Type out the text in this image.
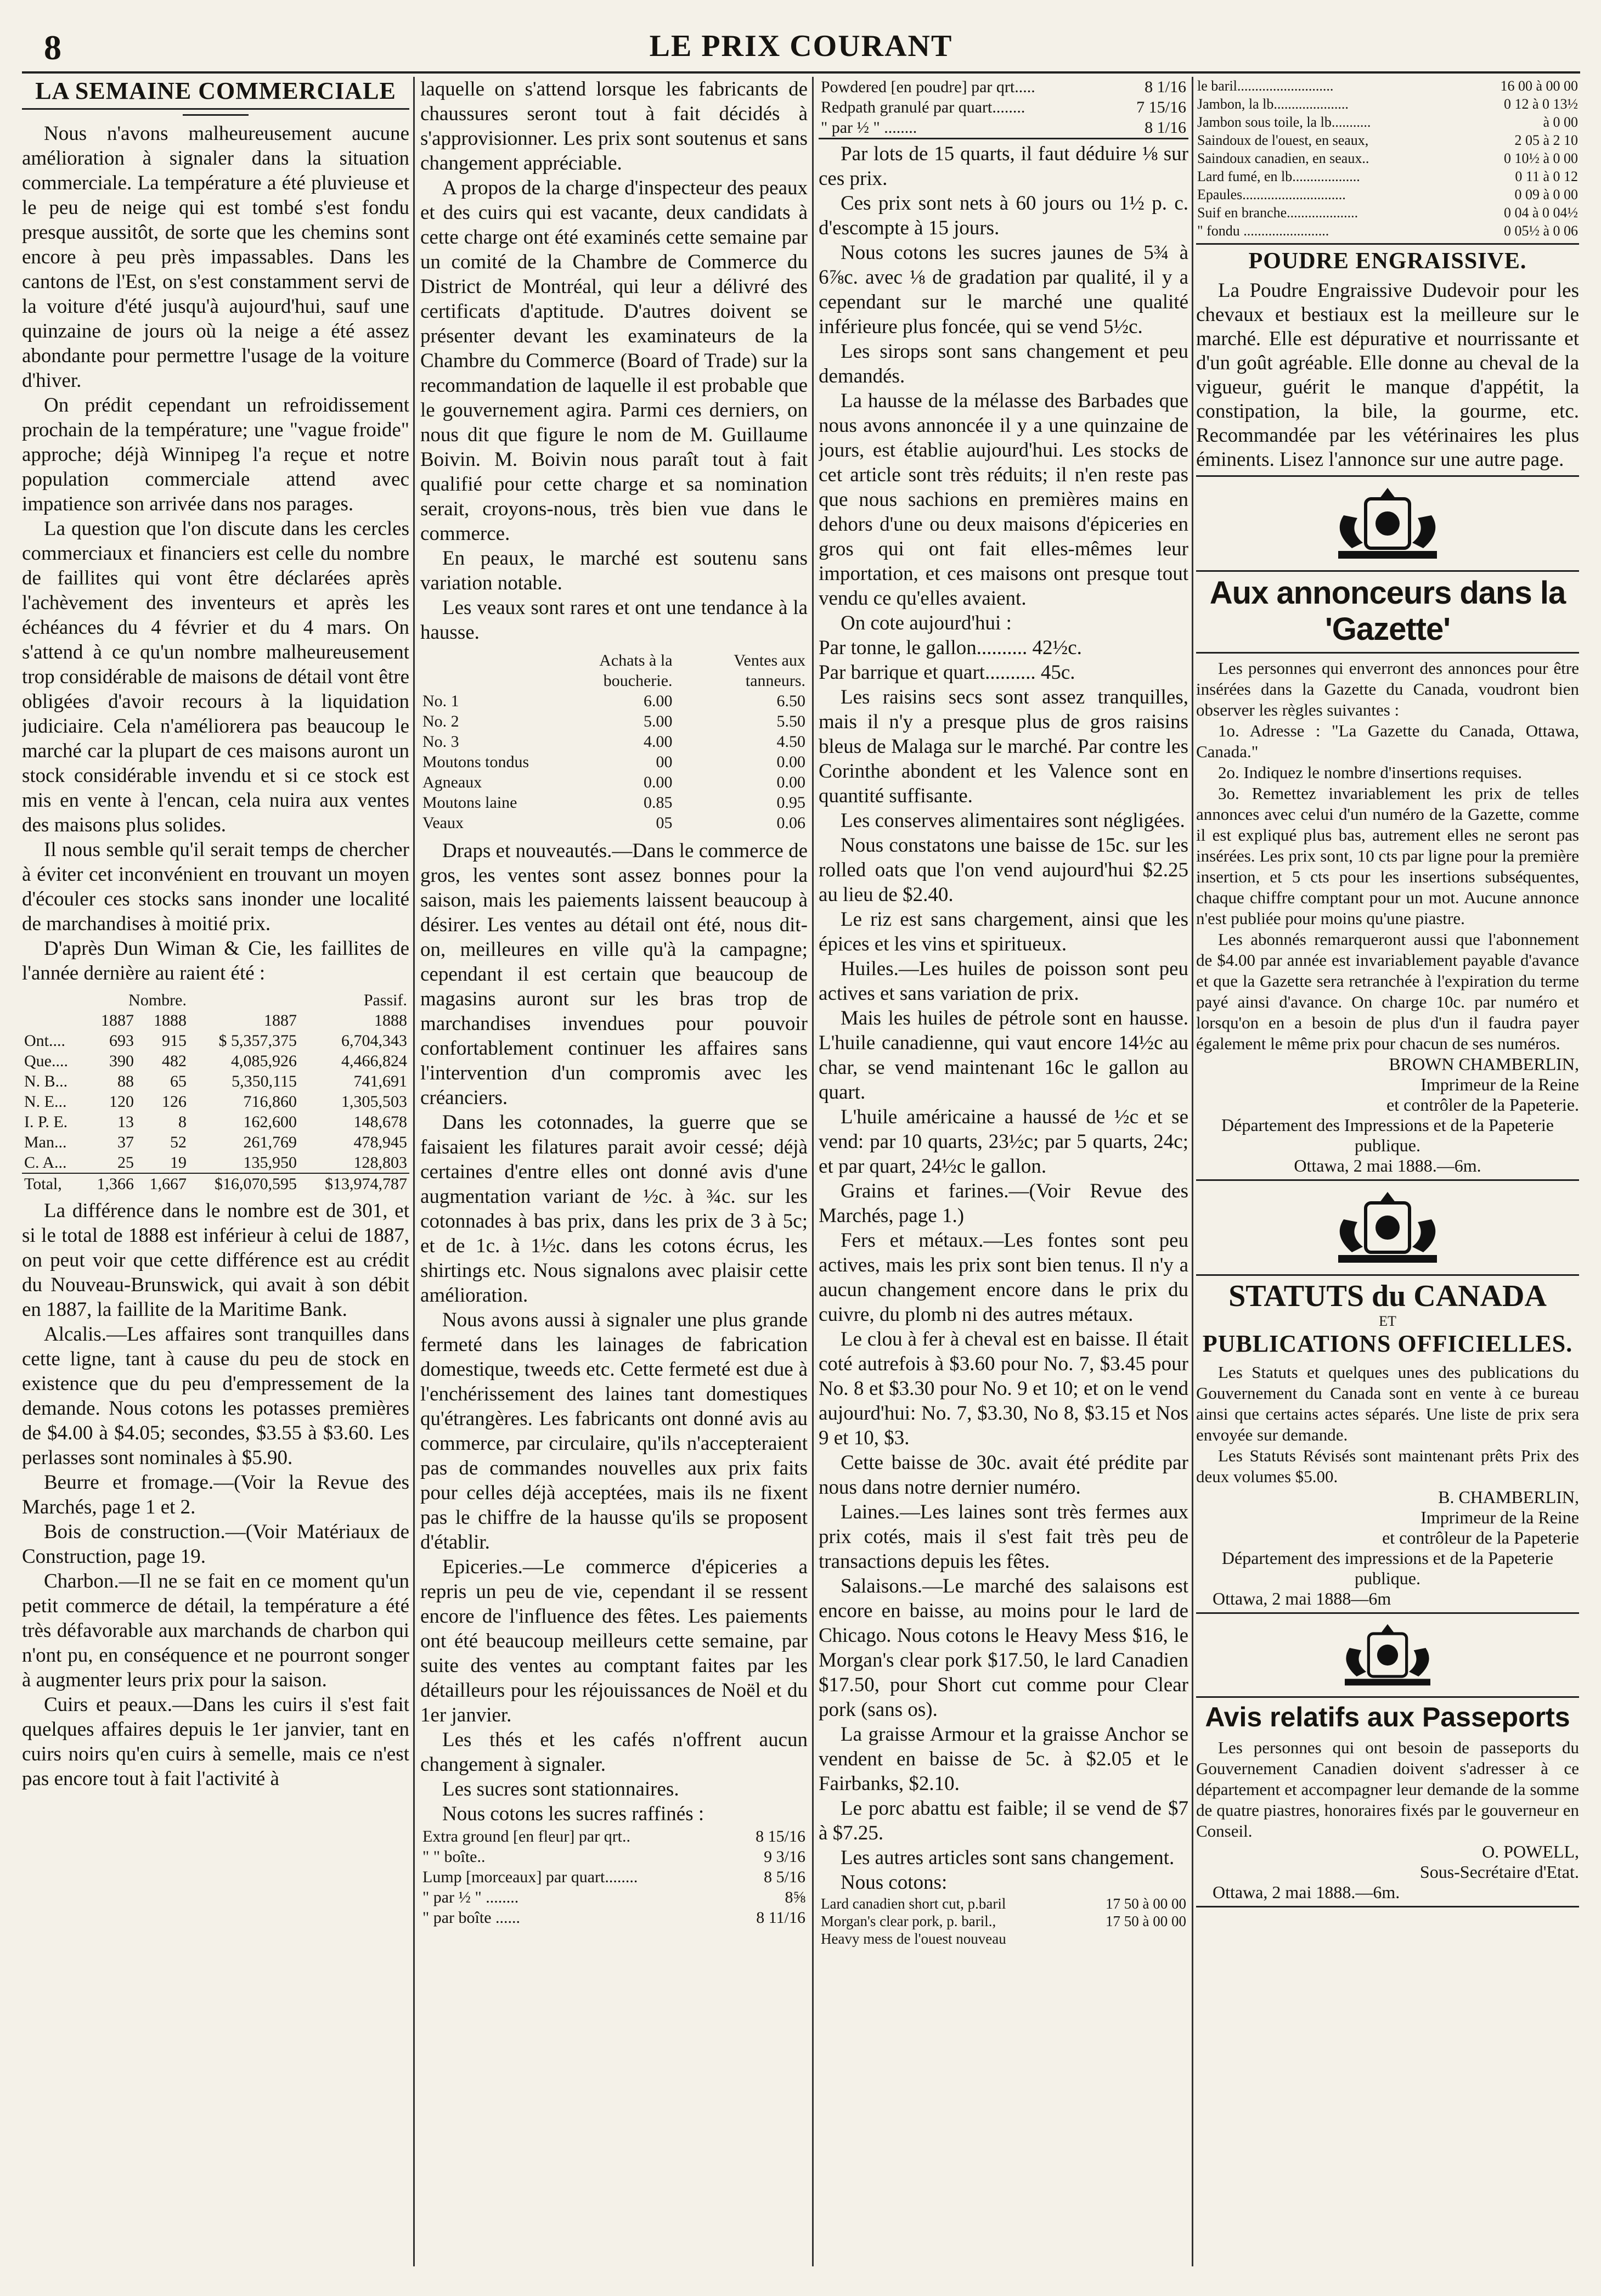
8	LE PRIX COURANT
LA SEMAINE COMMERCIALE

Nous n'avons malheureusement aucune amélioration à signaler dans la situation commerciale. La température a été pluvieuse et le peu de neige qui est tombé s'est fondu presque aussitôt, de sorte que les chemins sont encore à peu près impassables. Dans les cantons de l'Est, on s'est constamment servi de la voiture d'été jusqu'à aujourd'hui, sauf une quinzaine de jours où la neige a été assez abondante pour permettre l'usage de la voiture d'hiver.

On prédit cependant un refroidissement prochain de la température; une "vague froide" approche; déjà Winnipeg l'a reçue et notre population commerciale attend avec impatience son arrivée dans nos parages.

La question que l'on discute dans les cercles commerciaux et financiers est celle du nombre de faillites qui vont être déclarées après l'achèvement des inventeurs et après les échéances du 4 février et du 4 mars. On s'attend à ce qu'un nombre malheureusement trop considérable de maisons de détail vont être obligées d'avoir recours à la liquidation judiciaire. Cela n'améliorera pas beaucoup le marché car la plupart de ces maisons auront un stock considérable invendu et si ce stock est mis en vente à l'encan, cela nuira aux ventes des maisons plus solides.

Il nous semble qu'il serait temps de chercher à éviter cet inconvénient en trouvant un moyen d'écouler ces stocks sans inonder une localité de marchandises à moitié prix.

D'après Dun Wiman & Cie, les faillites de l'année dernière au raient été :

	Nombre.		Passif.	
	1887	1888	1887	1888
Ont....	693	915	$ 5,357,375	6,704,343
Que....	390	482	4,085,926	4,466,824
N. B...	88	65	5,350,115	741,691
N. E...	120	126	716,860	1,305,503
I. P. E.	13	8	162,600	148,678
Man...	37	52	261,769	478,945
C. A...	25	19	135,950	128,803
Total,	1,366	1,667	$16,070,595	$13,974,787

La différence dans le nombre est de 301, et si le total de 1888 est inférieur à celui de 1887, on peut voir que cette différence est au crédit du Nouveau-Brunswick, qui avait à son débit en 1887, la faillite de la Maritime Bank.

Alcalis.—Les affaires sont tranquilles dans cette ligne, tant à cause du peu de stock en existence que du peu d'empressement de la demande. Nous cotons les potasses premières de $4.00 à $4.05; secondes, $3.55 à $3.60. Les perlasses sont nominales à $5.90.

Beurre et fromage.—(Voir la Revue des Marchés, page 1 et 2.

Bois de construction.—(Voir Matériaux de Construction, page 19.

Charbon.—Il ne se fait en ce moment qu'un petit commerce de détail, la température a été très défavorable aux marchands de charbon qui n'ont pu, en conséquence et ne pourront songer à augmenter leurs prix pour la saison.

Cuirs et peaux.—Dans les cuirs il s'est fait quelques affaires depuis le 1er janvier, tant en cuirs noirs qu'en cuirs à semelle, mais ce n'est pas encore tout à fait l'activité à

laquelle on s'attend lorsque les fabricants de chaussures seront tout à fait décidés à s'approvisionner. Les prix sont soutenus et sans changement appréciable.

A propos de la charge d'inspecteur des peaux et des cuirs qui est vacante, deux candidats à cette charge ont été examinés cette semaine par un comité de la Chambre de Commerce du District de Montréal, qui leur a délivré des certificats d'aptitude. D'autres doivent se présenter devant les examinateurs de la Chambre du Commerce (Board of Trade) sur la recommandation de laquelle il est probable que le gouvernement agira. Parmi ces derniers, on nous dit que figure le nom de M. Guillaume Boivin. M. Boivin nous paraît tout à fait qualifié pour cette charge et sa nomination serait, croyons-nous, très bien vue dans le commerce.

En peaux, le marché est soutenu sans variation notable.

Les veaux sont rares et ont une tendance à la hausse.

	Achats à la boucherie.	Ventes aux tanneurs.
No. 1	6.00	6.50
No. 2	5.00	5.50
No. 3	4.00	4.50
Moutons tondus	00	0.00
Agneaux	0.00	0.00
Moutons laine	0.85	0.95
Veaux	05	0.06

Draps et nouveautés.—Dans le commerce de gros, les ventes sont assez bonnes pour la saison, mais les paiements laissent beaucoup à désirer. Les ventes au détail ont été, nous dit-on, meilleures en ville qu'à la campagne; cependant il est certain que beaucoup de magasins auront sur les bras trop de marchandises invendues pour pouvoir confortablement continuer les affaires sans l'intervention d'un compromis avec les créanciers.

Dans les cotonnades, la guerre que se faisaient les filatures parait avoir cessé; déjà certaines d'entre elles ont donné avis d'une augmentation variant de ½c. à ¾c. sur les cotonnades à bas prix, dans les prix de 3 à 5c; et de 1c. à 1½c. dans les cotons écrus, les shirtings etc. Nous signalons avec plaisir cette amélioration.

Nous avons aussi à signaler une plus grande fermeté dans les lainages de fabrication domestique, tweeds etc. Cette fermeté est due à l'enchérissement des laines tant domestiques qu'étrangères. Les fabricants ont donné avis au commerce, par circulaire, qu'ils n'accepteraient pas de commandes nouvelles aux prix faits pour celles déjà acceptées, mais ils ne fixent pas le chiffre de la hausse qu'ils se proposent d'établir.

Epiceries.—Le commerce d'épiceries a repris un peu de vie, cependant il se ressent encore de l'influence des fêtes. Les paiements ont été beaucoup meilleurs cette semaine, par suite des ventes au comptant faites par les détailleurs pour les réjouissances de Noël et du 1er janvier.

Les thés et les cafés n'offrent aucun changement à signaler.

Les sucres sont stationnaires.

Nous cotons les sucres raffinés :

Extra ground [en fleur] par qrt..	8 15/16
" " boîte..	9 3/16
Lump [morceaux] par quart........	8 5/16
" par ½ " ........	8⅝
" par boîte ......	8 11/16
Powdered [en poudre] par qrt.....	8 1/16
Redpath granulé par quart........	7 15/16
" par ½ " ........	8 1/16

Par lots de 15 quarts, il faut déduire ⅛ sur ces prix.

Ces prix sont nets à 60 jours ou 1½ p. c. d'escompte à 15 jours.

Nous cotons les sucres jaunes de 5¾ à 6⅞c. avec ⅛ de gradation par qualité, il y a cependant sur le marché une qualité inférieure plus foncée, qui se vend 5½c.

Les sirops sont sans changement et peu demandés.

La hausse de la mélasse des Barbades que nous avons annoncée il y a une quinzaine de jours, est établie aujourd'hui. Les stocks de cet article sont très réduits; il n'en reste pas que nous sachions en premières mains en dehors d'une ou deux maisons d'épiceries en gros qui ont fait elles-mêmes leur importation, et ces maisons ont presque tout vendu ce qu'elles avaient.

On cote aujourd'hui :

Par tonne, le gallon.......... 42½c.

Par barrique et quart.......... 45c.

Les raisins secs sont assez tranquilles, mais il n'y a presque plus de gros raisins bleus de Malaga sur le marché. Par contre les Corinthe abondent et les Valence sont en quantité suffisante.

Les conserves alimentaires sont négligées.

Nous constatons une baisse de 15c. sur les rolled oats que l'on vend aujourd'hui $2.25 au lieu de $2.40.

Le riz est sans chargement, ainsi que les épices et les vins et spiritueux.

Huiles.—Les huiles de poisson sont peu actives et sans variation de prix.

Mais les huiles de pétrole sont en hausse. L'huile canadienne, qui vaut encore 14½c au char, se vend maintenant 16c le gallon au quart.

L'huile américaine a haussé de ½c et se vend: par 10 quarts, 23½c; par 5 quarts, 24c; et par quart, 24½c le gallon.

Grains et farines.—(Voir Revue des Marchés, page 1.)

Fers et métaux.—Les fontes sont peu actives, mais les prix sont bien tenus. Il n'y a aucun changement encore dans le prix du cuivre, du plomb ni des autres métaux.

Le clou à fer à cheval est en baisse. Il était coté autrefois à $3.60 pour No. 7, $3.45 pour No. 8 et $3.30 pour No. 9 et 10; et on le vend aujourd'hui: No. 7, $3.30, No 8, $3.15 et Nos 9 et 10, $3.

Cette baisse de 30c. avait été prédite par nous dans notre dernier numéro.

Laines.—Les laines sont très fermes aux prix cotés, mais il s'est fait très peu de transactions depuis les fêtes.

Salaisons.—Le marché des salaisons est encore en baisse, au moins pour le lard de Chicago. Nous cotons le Heavy Mess $16, le Morgan's clear pork $17.50, le lard Canadien $17.50, pour Short cut comme pour Clear pork (sans os).

La graisse Armour et la graisse Anchor se vendent en baisse de 5c. à $2.05 et le Fairbanks, $2.10.

Le porc abattu est faible; il se vend de $7 à $7.25.

Les autres articles sont sans changement.

Nous cotons:

Lard canadien short cut, p.baril	17 50 à 00 00
Morgan's clear pork, p. baril.,	17 50 à 00 00
Heavy mess de l'ouest nouveau	
le baril...........................	16 00 à 00 00
Jambon, la lb.....................	0 12 à 0 13½
Jambon sous toile, la lb...........	à 0 00
Saindoux de l'ouest, en seaux,	2 05 à 2 10
Saindoux canadien, en seaux..	0 10½ à 0 00
Lard fumé, en lb...................	0 11 à 0 12
Epaules.............................	0 09 à 0 00
Suif en branche....................	0 04 à 0 04½
" fondu ........................	0 05½ à 0 06
POUDRE ENGRAISSIVE.

La Poudre Engraissive Dudevoir pour les chevaux et bestiaux est la meilleure sur le marché. Elle est dépurative et nourrissante et d'un goût agréable. Elle donne au cheval de la vigueur, guérit le manque d'appétit, la constipation, la bile, la gourme, etc. Recommandée par les vétérinaires les plus éminents. Lisez l'annonce sur une autre page.

Aux annonceurs dans la 'Gazette'

Les personnes qui enverront des annonces pour être insérées dans la Gazette du Canada, voudront bien observer les règles suivantes :

1o. Adresse : "La Gazette du Canada, Ottawa, Canada."

2o. Indiquez le nombre d'insertions requises.

3o. Remettez invariablement les prix de telles annonces avec celui d'un numéro de la Gazette, comme il est expliqué plus bas, autrement elles ne seront pas insérées. Les prix sont, 10 cts par ligne pour la première insertion, et 5 cts pour les insertions subséquentes, chaque chiffre comptant pour un mot. Aucune annonce n'est publiée pour moins qu'une piastre.

Les abonnés remarqueront aussi que l'abonnement de $4.00 par année est invariablement payable d'avance et que la Gazette sera retranchée à l'expiration du terme payé ainsi d'avance. On charge 10c. par numéro et lorsqu'on en a besoin de plus d'un il faudra payer également le même prix pour chacun de ses numéros.

BROWN CHAMBERLIN,
Imprimeur de la Reine
et contrôler de la Papeterie.
Département des Impressions et de la Papeterie publique.
Ottawa, 2 mai 1888.—6m.
STATUTS du CANADA
ET
PUBLICATIONS OFFICIELLES.

Les Statuts et quelques unes des publications du Gouvernement du Canada sont en vente à ce bureau ainsi que certains actes séparés. Une liste de prix sera envoyée sur demande.

Les Statuts Révisés sont maintenant prêts Prix des deux volumes $5.00.

B. CHAMBERLIN,
Imprimeur de la Reine
et contrôleur de la Papeterie
Département des impressions et de la Papeterie publique.
Ottawa, 2 mai 1888—6m
Avis relatifs aux Passeports

Les personnes qui ont besoin de passeports du Gouvernement Canadien doivent s'adresser à ce département et accompagner leur demande de la somme de quatre piastres, honoraires fixés par le gouverneur en Conseil.

O. POWELL,
Sous-Secrétaire d'Etat.
Ottawa, 2 mai 1888.—6m.
